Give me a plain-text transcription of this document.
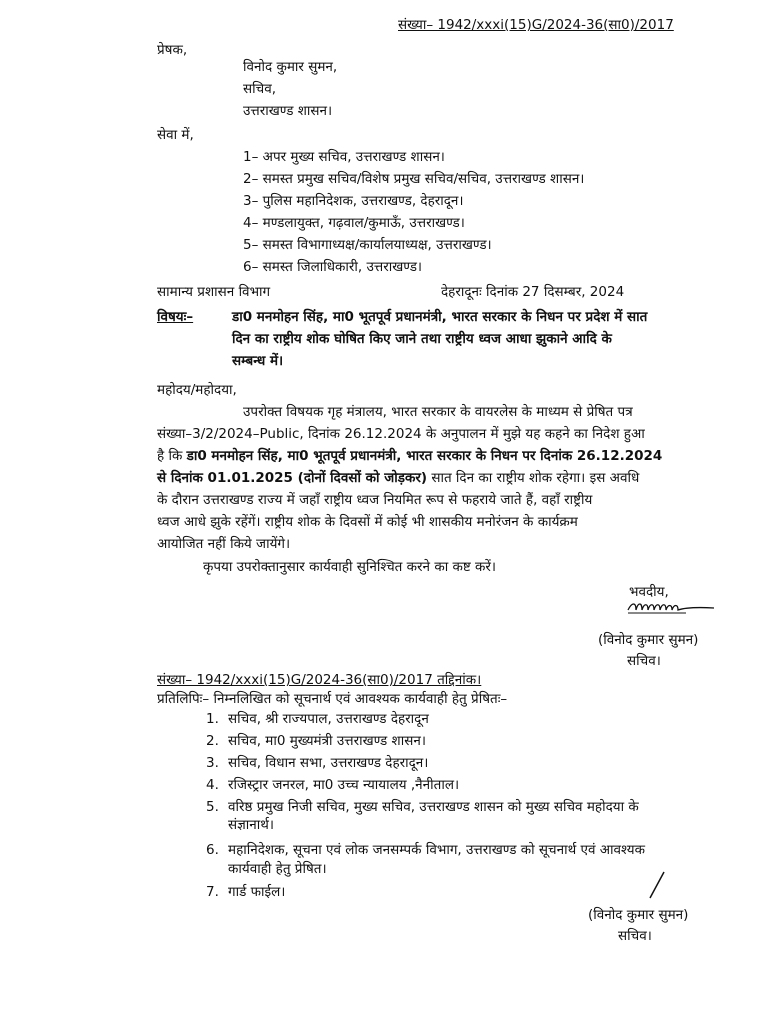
संख्या– 1942/xxxi(15)G/2024-36(सा0)/2017
प्रेषक,
विनोद कुमार सुमन,
सचिव,
उत्तराखण्ड शासन।
सेवा में,
1– अपर मुख्य सचिव, उत्तराखण्ड शासन।
2– समस्त प्रमुख सचिव/विशेष प्रमुख सचिव/सचिव, उत्तराखण्ड शासन।
3– पुलिस महानिदेशक, उत्तराखण्ड, देहरादून।
4– मण्डलायुक्त, गढ़वाल/कुमाऊँ, उत्तराखण्ड।
5– समस्त विभागाध्यक्ष/कार्यालयाध्यक्ष, उत्तराखण्ड।
6– समस्त जिलाधिकारी, उत्तराखण्ड।
सामान्य प्रशासन विभाग	देहरादूनः दिनांक 27 दिसम्बर, 2024
विषयः–	डा0 मनमोहन सिंह, मा0 भूतपूर्व प्रधानमंत्री, भारत सरकार के निधन पर प्रदेश में सात
दिन का राष्ट्रीय शोक घोषित किए जाने तथा राष्ट्रीय ध्वज आधा झुकाने आदि के
सम्बन्ध में।
महोदय/महोदया,
उपरोक्त विषयक गृह मंत्रालय, भारत सरकार के वायरलेस के माध्यम से प्रेषित पत्र
संख्या–3/2/2024–Public, दिनांक 26.12.2024 के अनुपालन में मुझे यह कहने का निदेश हुआ
है कि डा0 मनमोहन सिंह, मा0 भूतपूर्व प्रधानमंत्री, भारत सरकार के निधन पर दिनांक 26.12.2024
से दिनांक 01.01.2025 (दोनों दिवसों को जोड़कर) सात दिन का राष्ट्रीय शोक रहेगा। इस अवधि
के दौरान उत्तराखण्ड राज्य में जहाँ राष्ट्रीय ध्वज नियमित रूप से फहराये जाते हैं, वहाँ राष्ट्रीय
ध्वज आधे झुके रहेंगें। राष्ट्रीय शोक के दिवसों में कोई भी शासकीय मनोरंजन के कार्यक्रम
आयोजित नहीं किये जायेंगे।
कृपया उपरोक्तानुसार कार्यवाही सुनिश्चित करने का कष्ट करें।
भवदीय,
(विनोद कुमार सुमन)
सचिव।
संख्या– 1942/xxxi(15)G/2024-36(सा0)/2017 तद्दिनांक।
प्रतिलिपिः– निम्नलिखित को सूचनार्थ एवं आवश्यक कार्यवाही हेतु प्रेषितः–
1. सचिव, श्री राज्यपाल, उत्तराखण्ड देहरादून
2. सचिव, मा0 मुख्यमंत्री उत्तराखण्ड शासन।
3. सचिव, विधान सभा, उत्तराखण्ड देहरादून।
4. रजिस्ट्रार जनरल, मा0 उच्च न्यायालय ,नैनीताल।
5. वरिष्ठ प्रमुख निजी सचिव, मुख्य सचिव, उत्तराखण्ड शासन को मुख्य सचिव महोदया के
संज्ञानार्थ।
6. महानिदेशक, सूचना एवं लोक जनसम्पर्क विभाग, उत्तराखण्ड को सूचनार्थ एवं आवश्यक
कार्यवाही हेतु प्रेषित।
7. गार्ड फाईल।
(विनोद कुमार सुमन)
सचिव।
